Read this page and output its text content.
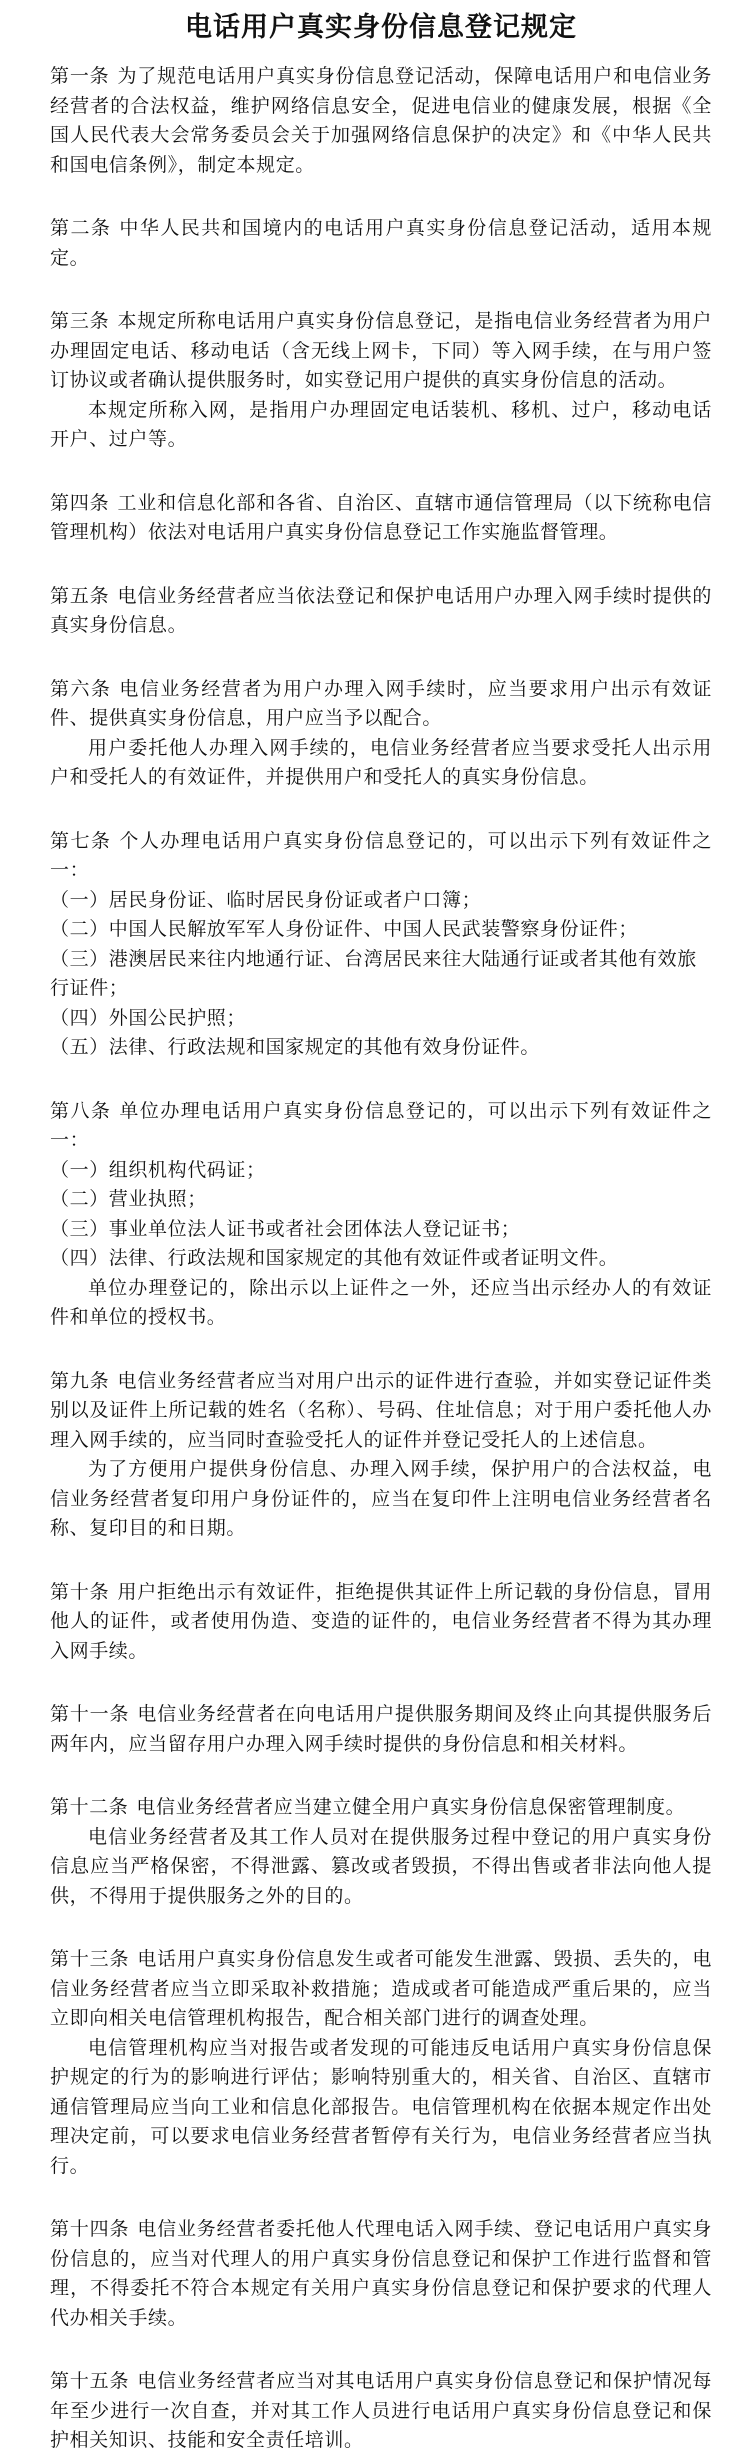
电话用户真实身份信息登记规定

第一条 为了规范电话用户真实身份信息登记活动，保障电话用户和电信业务经营者的合法权益，维护网络信息安全，促进电信业的健康发展，根据《全国人民代表大会常务委员会关于加强网络信息保护的决定》和《中华人民共和国电信条例》，制定本规定。

第二条 中华人民共和国境内的电话用户真实身份信息登记活动，适用本规定。

第三条 本规定所称电话用户真实身份信息登记，是指电信业务经营者为用户办理固定电话、移动电话（含无线上网卡，下同）等入网手续，在与用户签订协议或者确认提供服务时，如实登记用户提供的真实身份信息的活动。

本规定所称入网，是指用户办理固定电话装机、移机、过户，移动电话开户、过户等。

第四条 工业和信息化部和各省、自治区、直辖市通信管理局（以下统称电信管理机构）依法对电话用户真实身份信息登记工作实施监督管理。

第五条 电信业务经营者应当依法登记和保护电话用户办理入网手续时提供的真实身份信息。

第六条 电信业务经营者为用户办理入网手续时，应当要求用户出示有效证件、提供真实身份信息，用户应当予以配合。

用户委托他人办理入网手续的，电信业务经营者应当要求受托人出示用户和受托人的有效证件，并提供用户和受托人的真实身份信息。

第七条 个人办理电话用户真实身份信息登记的，可以出示下列有效证件之一：

（一）居民身份证、临时居民身份证或者户口簿；

（二）中国人民解放军军人身份证件、中国人民武装警察身份证件；

（三）港澳居民来往内地通行证、台湾居民来往大陆通行证或者其他有效旅行证件；

（四）外国公民护照；

（五）法律、行政法规和国家规定的其他有效身份证件。

第八条 单位办理电话用户真实身份信息登记的，可以出示下列有效证件之一：

（一）组织机构代码证；

（二）营业执照；

（三）事业单位法人证书或者社会团体法人登记证书；

（四）法律、行政法规和国家规定的其他有效证件或者证明文件。

单位办理登记的，除出示以上证件之一外，还应当出示经办人的有效证件和单位的授权书。

第九条 电信业务经营者应当对用户出示的证件进行查验，并如实登记证件类别以及证件上所记载的姓名（名称）、号码、住址信息；对于用户委托他人办理入网手续的，应当同时查验受托人的证件并登记受托人的上述信息。

为了方便用户提供身份信息、办理入网手续，保护用户的合法权益，电信业务经营者复印用户身份证件的，应当在复印件上注明电信业务经营者名称、复印目的和日期。

第十条 用户拒绝出示有效证件，拒绝提供其证件上所记载的身份信息，冒用他人的证件，或者使用伪造、变造的证件的，电信业务经营者不得为其办理入网手续。

第十一条 电信业务经营者在向电话用户提供服务期间及终止向其提供服务后两年内，应当留存用户办理入网手续时提供的身份信息和相关材料。

第十二条 电信业务经营者应当建立健全用户真实身份信息保密管理制度。

电信业务经营者及其工作人员对在提供服务过程中登记的用户真实身份信息应当严格保密，不得泄露、篡改或者毁损，不得出售或者非法向他人提供，不得用于提供服务之外的目的。

第十三条 电话用户真实身份信息发生或者可能发生泄露、毁损、丢失的，电信业务经营者应当立即采取补救措施；造成或者可能造成严重后果的，应当立即向相关电信管理机构报告，配合相关部门进行的调查处理。

电信管理机构应当对报告或者发现的可能违反电话用户真实身份信息保护规定的行为的影响进行评估；影响特别重大的，相关省、自治区、直辖市通信管理局应当向工业和信息化部报告。电信管理机构在依据本规定作出处理决定前，可以要求电信业务经营者暂停有关行为，电信业务经营者应当执行。

第十四条 电信业务经营者委托他人代理电话入网手续、登记电话用户真实身份信息的，应当对代理人的用户真实身份信息登记和保护工作进行监督和管理，不得委托不符合本规定有关用户真实身份信息登记和保护要求的代理人代办相关手续。

第十五条 电信业务经营者应当对其电话用户真实身份信息登记和保护情况每年至少进行一次自查，并对其工作人员进行电话用户真实身份信息登记和保护相关知识、技能和安全责任培训。
